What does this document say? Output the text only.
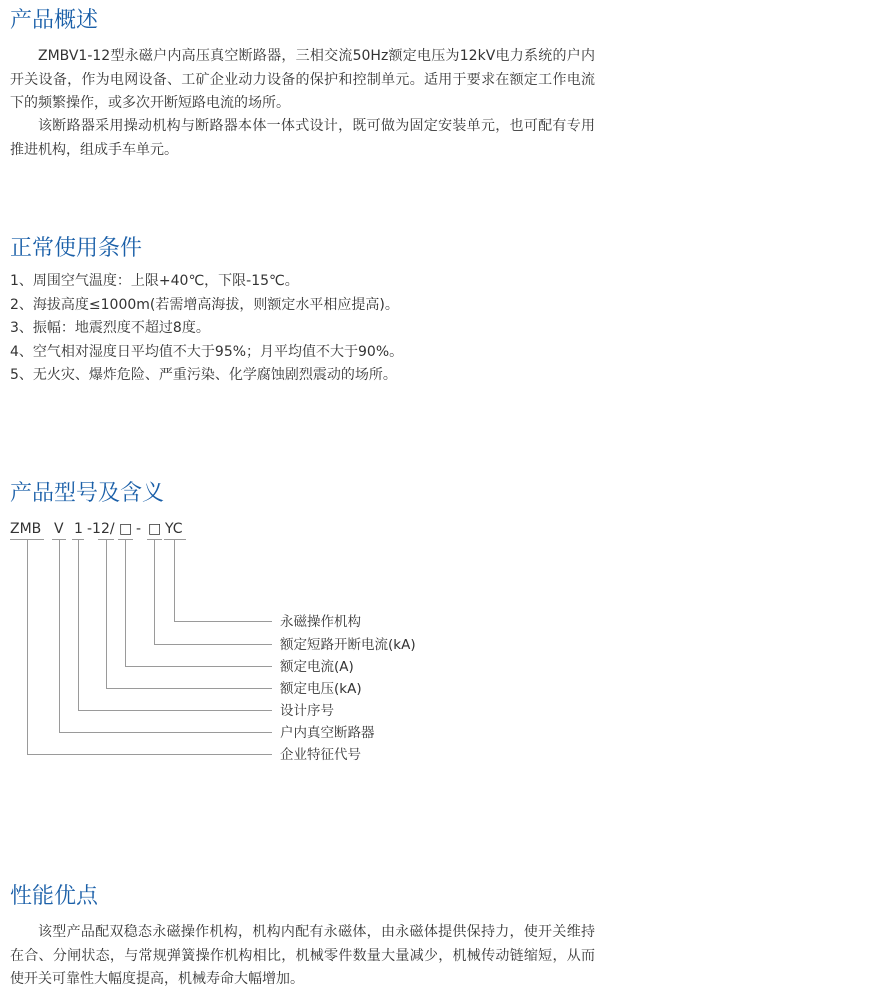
产品概述

ZMBV1-12型永磁户内高压真空断路器，三相交流50Hz额定电压为12kV电力系统的户内开关设备，作为电网设备、工矿企业动力设备的保护和控制单元。适用于要求在额定工作电流下的频繁操作，或多次开断短路电流的场所。

该断路器采用操动机构与断路器本体一体式设计，既可做为固定安装单元，也可配有专用推进机构，组成手车单元。

正常使用条件
1、周围空气温度：上限+40℃，下限-15℃。
2、海拔高度≤1000m(若需增高海拔，则额定水平相应提高)。
3、振幅：地震烈度不超过8度。
4、空气相对湿度日平均值不大于95%；月平均值不大于90%。
5、无火灾、爆炸危险、严重污染、化学腐蚀剧烈震动的场所。
产品型号及含义
ZMB V 1 -12/ □ - □ YC
永磁操作机构
额定短路开断电流(kA)
额定电流(A)
额定电压(kA)
设计序号
户内真空断路器
企业特征代号
性能优点

该型产品配双稳态永磁操作机构，机构内配有永磁体，由永磁体提供保持力，使开关维持在合、分闸状态，与常规弹簧操作机构相比，机械零件数量大量减少，机械传动链缩短，从而使开关可靠性大幅度提高，机械寿命大幅增加。
